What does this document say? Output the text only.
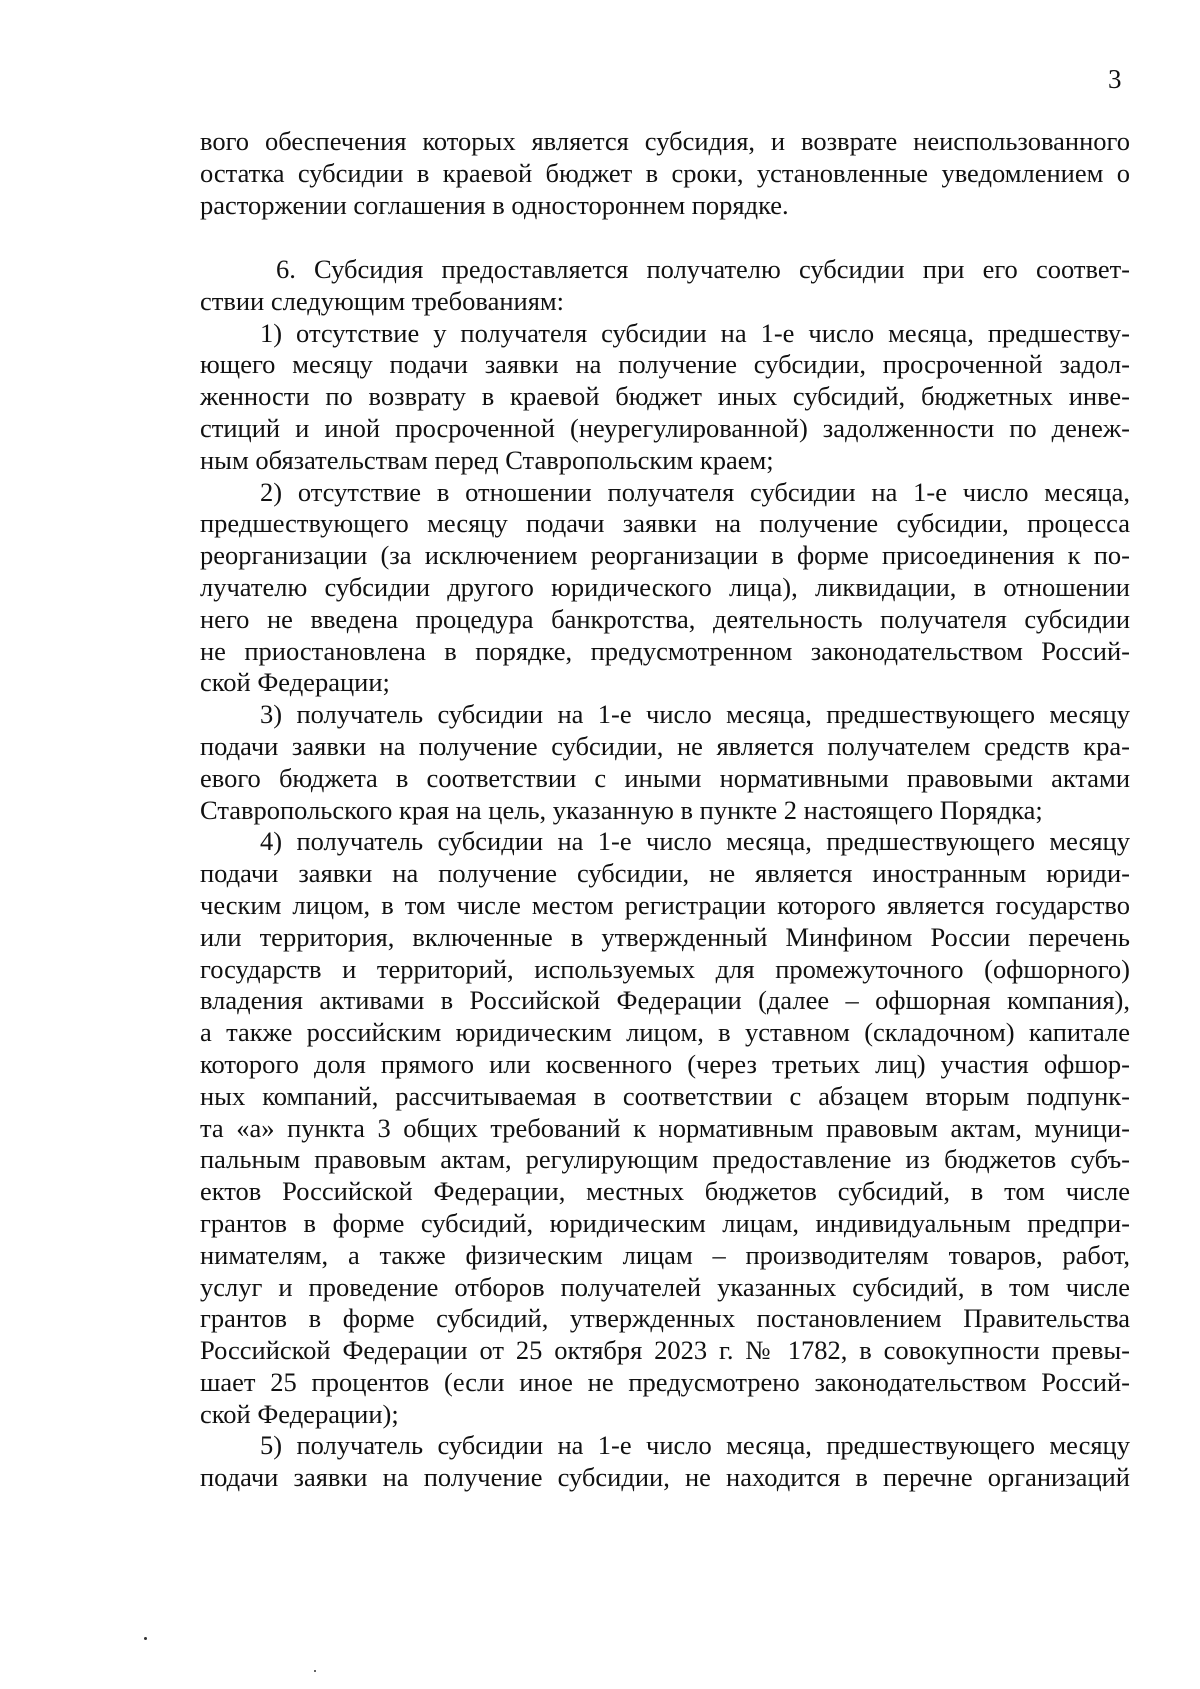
3
вого обеспечения которых является субсидия, и возврате неиспользованного
остатка субсидии в краевой бюджет в сроки, установленные уведомлением о
расторжении соглашения в одностороннем порядке.
6. Субсидия предоставляется получателю субсидии при его соответ-
ствии следующим требованиям:
1) отсутствие у получателя субсидии на 1-е число месяца, предшеству-
ющего месяцу подачи заявки на получение субсидии, просроченной задол-
женности по возврату в краевой бюджет иных субсидий, бюджетных инве-
стиций и иной просроченной (неурегулированной) задолженности по денеж-
ным обязательствам перед Ставропольским краем;
2) отсутствие в отношении получателя субсидии на 1-е число месяца,
предшествующего месяцу подачи заявки на получение субсидии, процесса
реорганизации (за исключением реорганизации в форме присоединения к по-
лучателю субсидии другого юридического лица), ликвидации, в отношении
него не введена процедура банкротства, деятельность получателя субсидии
не приостановлена в порядке, предусмотренном законодательством Россий-
ской Федерации;
3) получатель субсидии на 1-е число месяца, предшествующего месяцу
подачи заявки на получение субсидии, не является получателем средств кра-
евого бюджета в соответствии с иными нормативными правовыми актами
Ставропольского края на цель, указанную в пункте 2 настоящего Порядка;
4) получатель субсидии на 1-е число месяца, предшествующего месяцу
подачи заявки на получение субсидии, не является иностранным юриди-
ческим лицом, в том числе местом регистрации которого является государство
или территория, включенные в утвержденный Минфином России перечень
государств и территорий, используемых для промежуточного (офшорного)
владения активами в Российской Федерации (далее – офшорная компания),
а также российским юридическим лицом, в уставном (складочном) капитале
которого доля прямого или косвенного (через третьих лиц) участия офшор-
ных компаний, рассчитываемая в соответствии с абзацем вторым подпунк-
та «а» пункта 3 общих требований к нормативным правовым актам, муници-
пальным правовым актам, регулирующим предоставление из бюджетов субъ-
ектов Российской Федерации, местных бюджетов субсидий, в том числе
грантов в форме субсидий, юридическим лицам, индивидуальным предпри-
нимателям, а также физическим лицам – производителям товаров, работ,
услуг и проведение отборов получателей указанных субсидий, в том числе
грантов в форме субсидий, утвержденных постановлением Правительства
Российской Федерации от 25 октября 2023 г. № 1782, в совокупности превы-
шает 25 процентов (если иное не предусмотрено законодательством Россий-
ской Федерации);
5) получатель субсидии на 1-е число месяца, предшествующего месяцу
подачи заявки на получение субсидии, не находится в перечне организаций
